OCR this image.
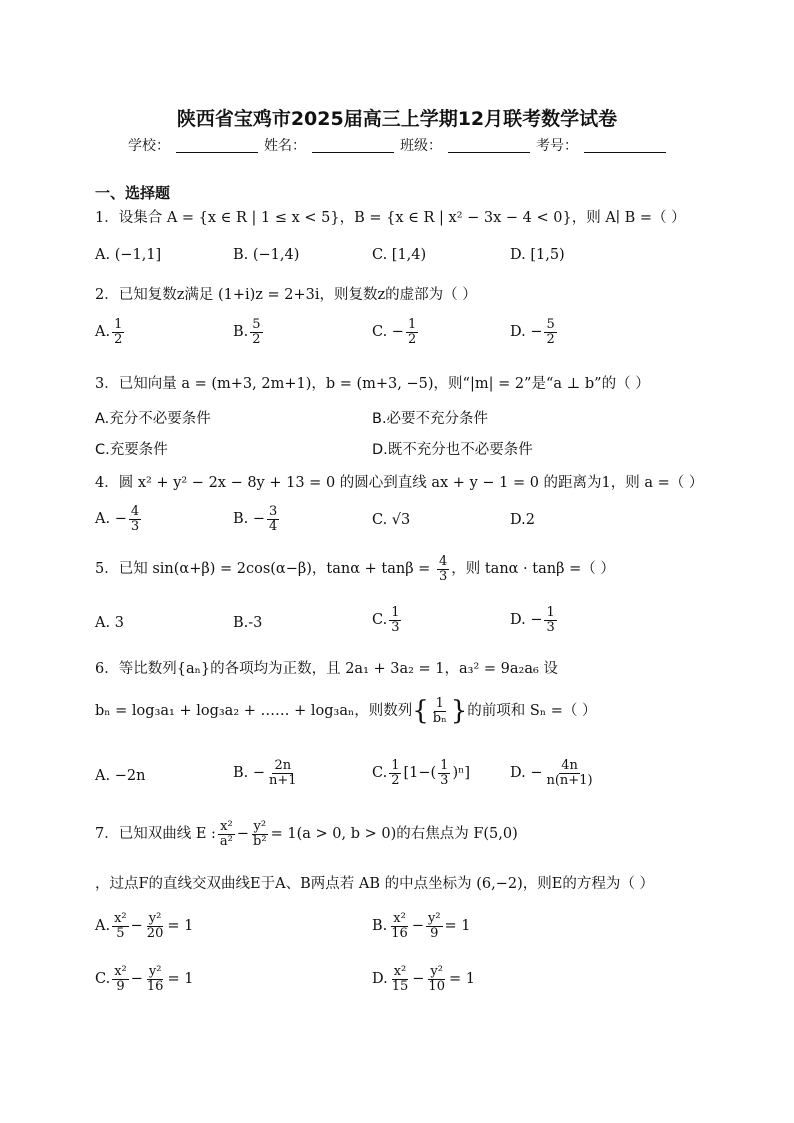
陕西省宝鸡市2025届高三上学期12月联考数学试卷
学校：	姓名：	班级：	考号：
一、选择题
1．设集合 A = {x ∈ R | 1 ≤ x < 5}，B = {x ∈ R | x² − 3x − 4 < 0}，则 A∣ B =（ ）
A. (−1,1]	B. (−1,4)	C. [1,4)	D. [1,5)
2．已知复数z满足 (1+i)z = 2+3i，则复数z的虚部为（ ）
A. $\frac{1}{2}$	B. $\frac{5}{2}$	C. − $\frac{1}{2}$	D. − $\frac{5}{2}$
3．已知向量 a = (m+3, 2m+1)，b = (m+3, −5)，则“|m| = 2”是“a ⊥ b”的（ ）
A.充分不必要条件	B.必要不充分条件
C.充要条件	D.既不充分也不必要条件
4．圆 x² + y² − 2x − 8y + 13 = 0 的圆心到直线 ax + y − 1 = 0 的距离为1，则 a =（ ）
A. − $\frac{4}{3}$	B. − $\frac{3}{4}$	C. √3	D.2
5．已知 sin(α+β) = 2cos(α−β)，$\tan\alpha + \tan\beta = \frac{4}{3}$ ，则 tanα · tanβ =（ ）
A. 3	B.-3	C. $\frac{1}{3}$	D. − $\frac{1}{3}$
6．等比数列{aₙ}的各项均为正数，且 2a₁ + 3a₂ = 1，a₃² = 9a₂a₆ 设
bₙ = log₃a₁ + log₃a₂ + …… + log₃aₙ，则数列{ $\frac{1}{\text{bₙ}}$ }的前项和 Sₙ =（ ）
A. −2n	B. − $\frac{2n}{n+1}$	C. $\frac{1}{2} [1-( \frac{1}{3} )^n]$	D. − $\frac{4n}{n(n+1)}$
7．已知双曲线 E : $\frac{\text{x²}}{\text{a²}} - \frac{\text{y²}}{\text{b²}} = 1(a > 0$, b > 0)的右焦点为 F(5,0)
，过点F的直线交双曲线E于A、B两点若 AB 的中点坐标为 (6,−2)，则E的方程为（ ）
A. $\frac{\text{x²}}{5} - \frac{\text{y²}}{20} = 1$	B. $\frac{\text{x²}}{16} - \frac{\text{y²}}{9} = 1$
C. $\frac{\text{x²}}{9} - \frac{\text{y²}}{16} = 1$	D. $\frac{\text{x²}}{15} - \frac{\text{y²}}{10} = 1$
